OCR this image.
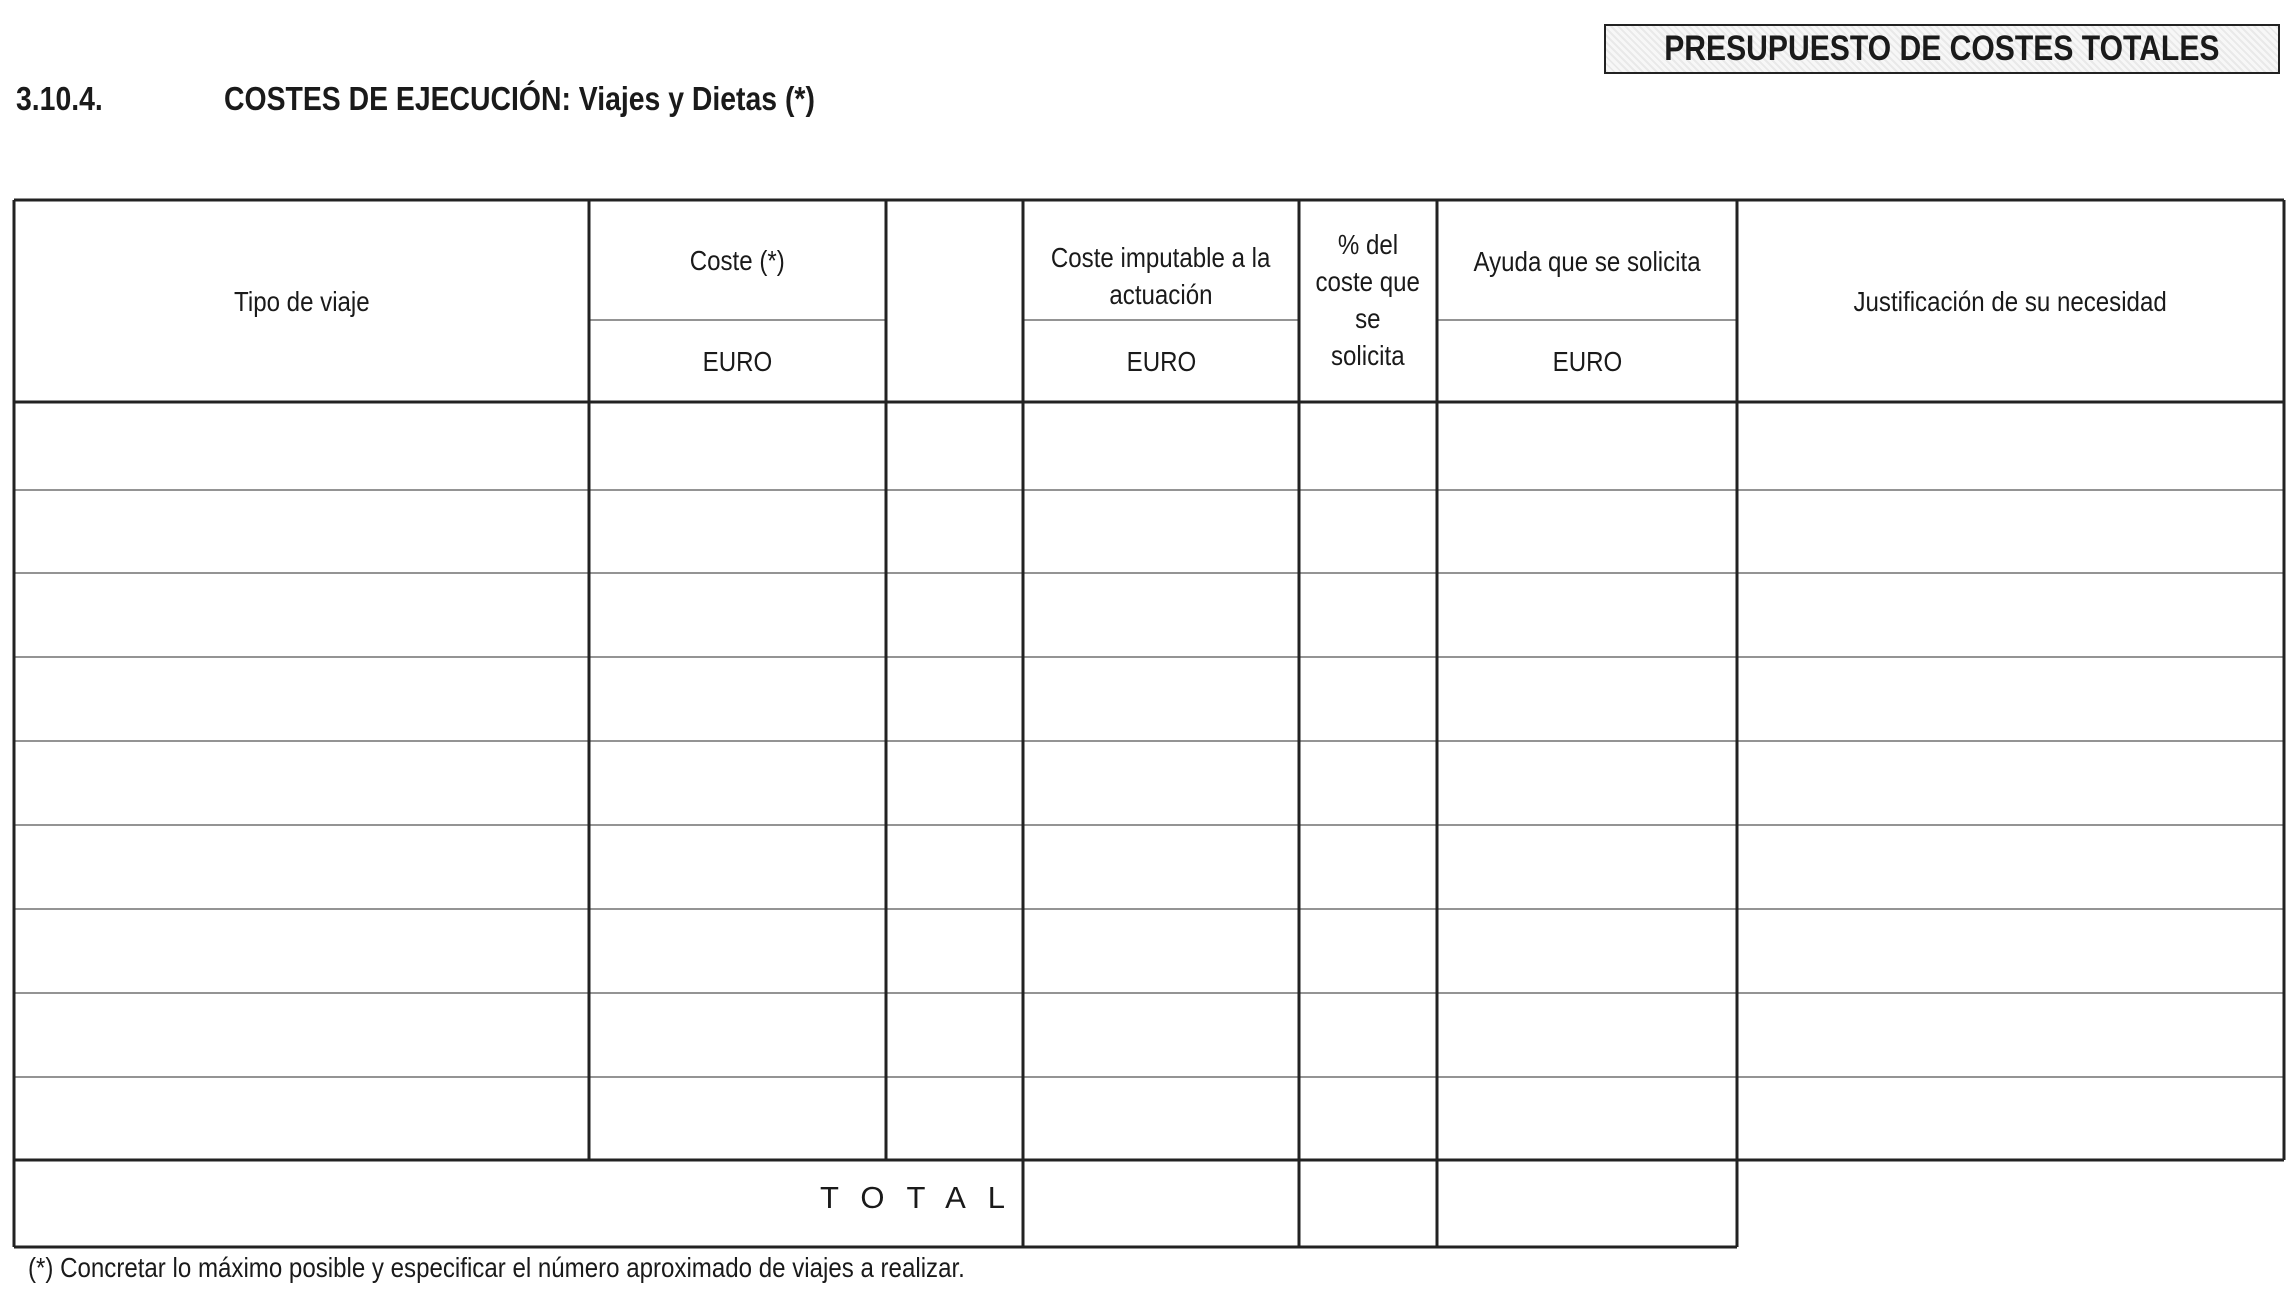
PRESUPUESTO DE COSTES TOTALES
3.10.4.	COSTES DE EJECUCIÓN: Viajes y Dietas (*)
Tipo de viaje
Coste (*)
EURO
Coste imputable a la
actuación
EURO
% del
coste que
se
solicita
Ayuda que se solicita
EURO
Justificación de su necesidad
TOTAL
(*) Concretar lo máximo posible y especificar el número aproximado de viajes a realizar.
